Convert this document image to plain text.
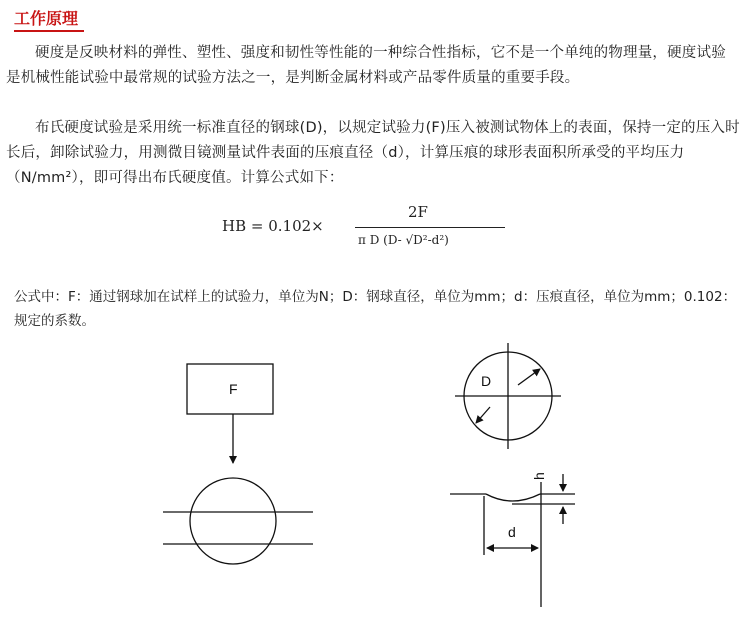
工作原理

硬度是反映材料的弹性、塑性、强度和韧性等性能的一种综合性指标，它不是一个单纯的物理量，硬度试验是机械性能试验中最常规的试验方法之一，是判断金属材料或产品零件质量的重要手段。

布氏硬度试验是采用统一标准直径的钢球(D)，以规定试验力(F)压入被测试物体上的表面，保持一定的压入时长后，卸除试验力，用测微目镜测量试件表面的压痕直径（d），计算压痕的球形表面积所承受的平均压力（N/mm²），即可得出布氏硬度值。计算公式如下：

HB = 0.102×
2F
π D (D- √D²-d²)

公式中：F：通过钢球加在试样上的试验力，单位为N；D：钢球直径，单位为mm；d：压痕直径，单位为mm；0.102：规定的系数。

F	D
h
d
